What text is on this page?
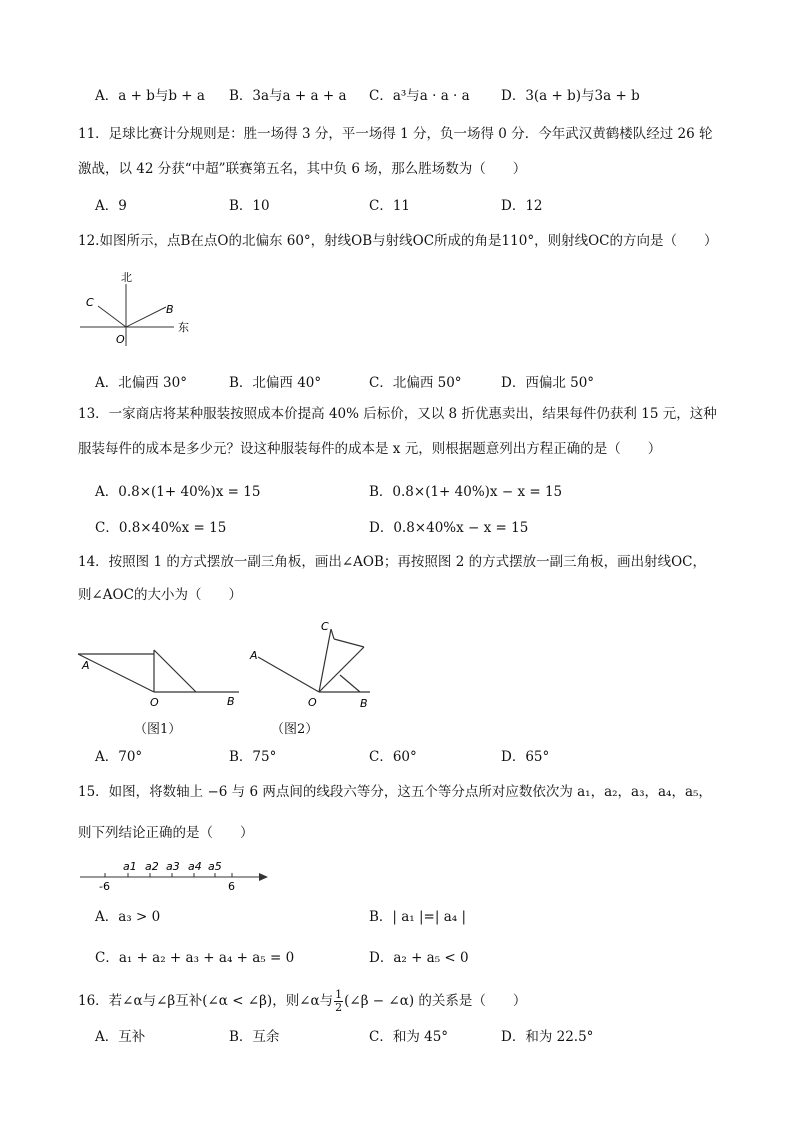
A．a + b与b + a B．3a与a + a + a C．a³与a · a · a D．3(a + b)与3a + b
11．足球比赛计分规则是：胜一场得 3 分，平一场得 1 分，负一场得 0 分．今年武汉黄鹤楼队经过 26 轮
激战，以 42 分获“中超”联赛第五名，其中负 6 场，那么胜场数为（　　）
A．9	B．10	C．11	D．12
12.如图所示，点B在点O的北偏东 60°，射线OB与射线OC所成的角是110°，则射线OC的方向是（　　）
北
东
C
B
O
A．北偏西 30°	B．北偏西 40°	C．北偏西 50°	D．西偏北 50°
13．一家商店将某种服装按照成本价提高 40% 后标价，又以 8 折优惠卖出，结果每件仍获利 15 元，这种
服装每件的成本是多少元？设这种服装每件的成本是 x 元，则根据题意列出方程正确的是（　　）
A．0.8×(1+ 40%)x = 15	B．0.8×(1+ 40%)x − x = 15
C．0.8×40%x = 15	D．0.8×40%x − x = 15
14．按照图 1 的方式摆放一副三角板，画出∠AOB；再按照图 2 的方式摆放一副三角板，画出射线OC，
则∠AOC的大小为（　　）
A
O	B
（图1）
A
C
O	B
（图2）
A．70°	B．75°	C．60°	D．65°
15．如图，将数轴上 −6 与 6 两点间的线段六等分，这五个等分点所对应数依次为 a₁，a₂，a₃，a₄，a₅，
则下列结论正确的是（　　）
a1 a2 a3 a4 a5
-6	6
A．a₃ > 0	B．| a₁ |=| a₄ |
C．a₁ + a₂ + a₃ + a₄ + a₅ = 0	D．a₂ + a₅ < 0
16．若∠α与∠β互补(∠α < ∠β)，则∠α与 $\frac{1}{2}$ (∠β − ∠α) 的关系是（　　）
A．互补	B．互余	C．和为 45°	D．和为 22.5°
